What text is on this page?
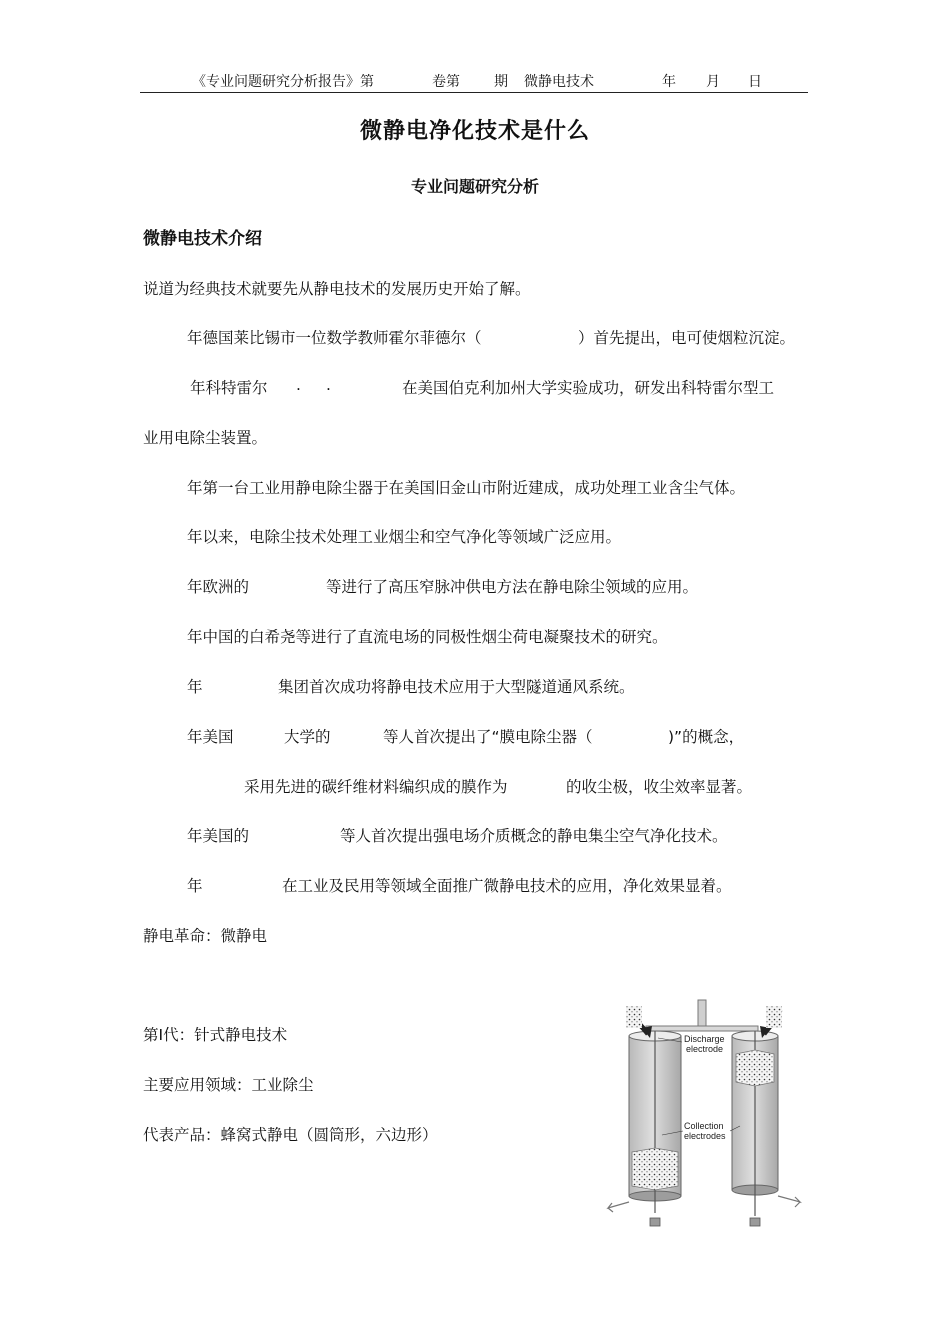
《专业问题研究分析报告》第	卷第 期 微静电技术	年 月 日
微静电净化技术是什么
专业问题研究分析
微静电技术介绍
说道为经典技术就要先从静电技术的发展历史开始了解。
年德国莱比锡市一位数学教师霍尔菲德尔（	）首先提出，电可使烟粒沉淀。
年科特雷尔 . .	在美国伯克利加州大学实验成功，研发出科特雷尔型工
业用电除尘装置。
年第一台工业用静电除尘器于在美国旧金山市附近建成，成功处理工业含尘气体。
年以来，电除尘技术处理工业烟尘和空气净化等领域广泛应用。
年欧洲的	等进行了高压窄脉冲供电方法在静电除尘领域的应用。
年中国的白希尧等进行了直流电场的同极性烟尘荷电凝聚技术的研究。
年	集团首次成功将静电技术应用于大型隧道通风系统。
年美国	大学的	等人首次提出了“膜电除尘器（	)”的概念，
采用先进的碳纤维材料编织成的膜作为	的收尘极，收尘效率显著。
年美国的	等人首次提出强电场介质概念的静电集尘空气净化技术。
年	在工业及民用等领域全面推广微静电技术的应用，净化效果显着。
静电革命：微静电
第Ⅰ代：针式静电技术
主要应用领域：工业除尘
代表产品：蜂窝式静电（圆筒形，六边形）
Discharge
electrode
Collection
electrodes
